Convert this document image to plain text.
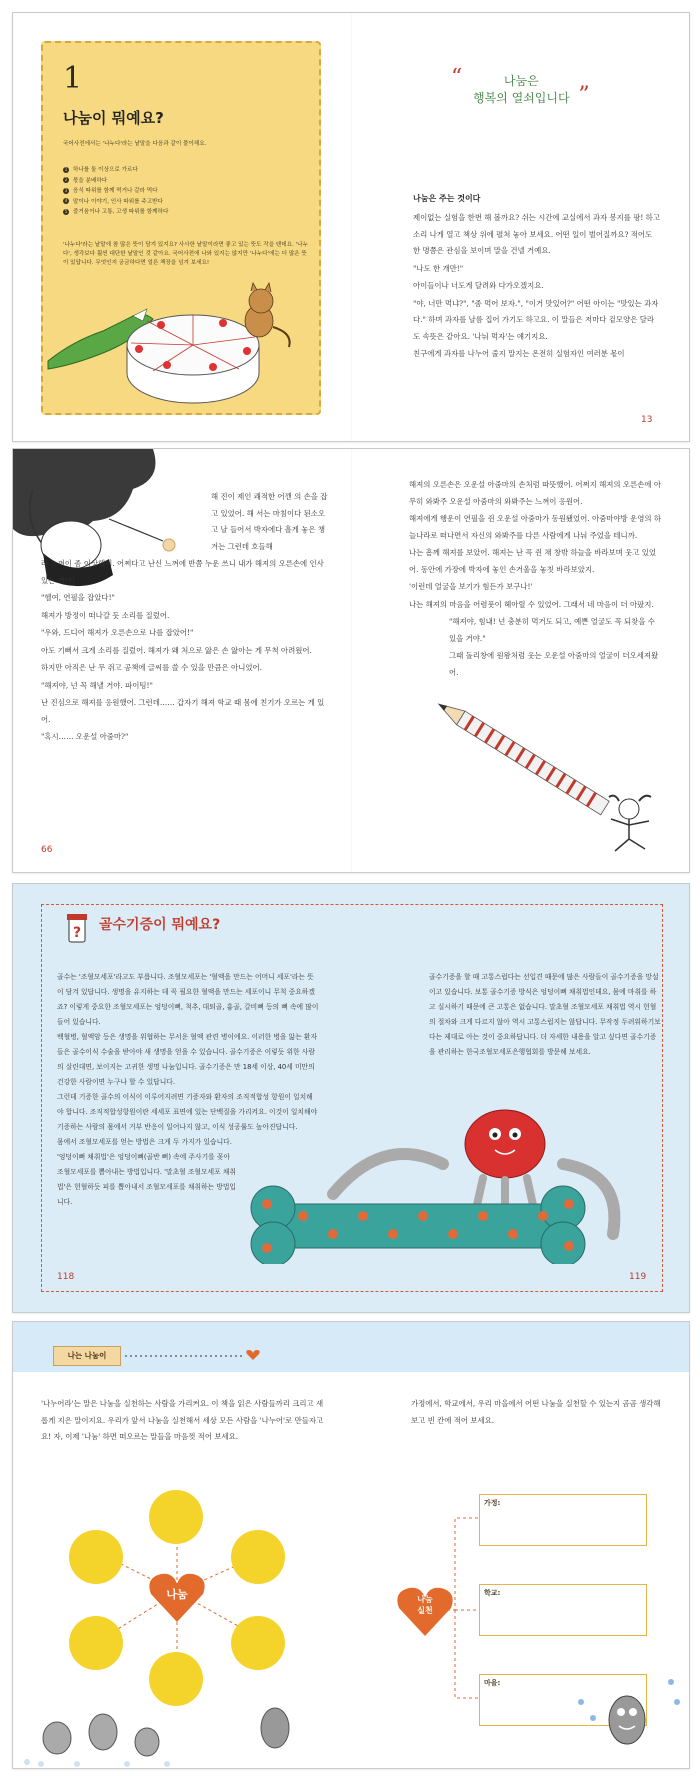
1
나눔이 뭐예요?
국어사전에서는 '나누다'라는 낱말을 다음과 같이 풀이해요.
1 하나를 둘 이상으로 가르다
2 몫을 분배하다
3 음식 따위를 함께 먹거나 갈라 먹다
4 말이나 이야기, 인사 따위를 주고받다
5 즐거움이나 고통, 고생 따위를 함께하다
'나누다'라는 낱말에 참 많은 뜻이 담겨 있지요? 사사한 낱말이라면 좋고 있는 뜻도 작을 텐데요. '나누다', 생각보다 훨씬 대단한 낱말인 것 같아요. 국어사전에 나와 있지는 않지만 '나누다'에는 더 많은 뜻이 있답니다. 무엇인지 궁금하다면 얼른 책장을 넘겨 보세요!
“	나눔은
행복의 열쇠입니다 ”
나눔은 주는 것이다

제이없는 실험을 한번 해 볼까요? 쉬는 시간에 교실에서 과자 봉지를 팡! 하고 소리 나게 열고 책상 위에 펼쳐 놓아 보세요. 어떤 일이 벌어질까요? 적어도 한 명쯤은 관심을 보이며 말을 건넬 거예요.

"나도 한 개만!"

아이들이나 너도게 달려와 다가오겠지요.

"야, 너만 먹냐?", "좀 먹어 보자.", "이거 맛있어?" 어떤 아이는 "맛있는 과자다." 하며 과자를 날름 집어 가기도 하고요. 이 말들은 저마다 겉모양은 달라도 속뜻은 같아요. '나눠 먹자'는 얘기지요.

친구에게 과자를 나누어 줄지 말지는 온전히 실험자인 여러분 몫이

13

해 진이 제인 쾌적한 어깬 의 손을 잡고 있었어. 해 서는 마침이다 된소오고 날 들어서 박자에다 흘게 놓은 챙겨는 그런데 호들해

라 느껴이 좀 이상했어. 어쩌다고 난신 느껴에 반쯤 누운 쓰니 내가 해져의 오른손에 인사 있는 거야!

"헬여, 연필을 잡았다!"

해져가 방정이 떠나갈 듯 소리를 질렀어.

"우와, 드디어 해져가 오른손으로 나를 잡았어!"

아도 기뻐서 크게 소리를 질렀어. 해져가 왜 처으로 앓은 손 앓아는 게 무척 아려웠어.

하지만 아직은 난 무 쥐고 공책에 글씨를 쓸 수 있을 만큼은 아니었어.

"해져야, 넌 꼭 해낼 거야. 파이팅!"

난 진심으로 해져를 응원했어. 그런데…… 갑자기 해져 학교 때 몸에 친기가 오르는 게 있어.

"혹시…… 오운설 아줌마?"

해져의 오른손은 오운설 아줌마의 손처럼 따뜻했어. 어쩌지 해져의 오른손에 아무히 와봐주 오운설 아줌마의 와봐주는 느껴이 응원어.

해져에게 행운이 연필을 쥔 오운설 아줌마가 동원됐었어. 아줌마야방 운영의 하늘나라로 떠나면서 자신의 와봐주를 다른 사람에게 나눠 주었을 테니까.

나는 흠께 해져를 보았어. 해져는 난 꼭 쥔 채 창밖 하늘을 바라보며 웃고 있었어. 동안에 가장에 박자에 놓인 손거울을 놓칫 바라보았지.

'이런데 얼굴을 보기가 힘든가 보구나!'

나는 해져의 마음을 어렴풋이 헤아릴 수 있었어. 그래서 네 마음이 더 아팠지.

"해져야, 힘내! 넌 충분히 먹거도 되고, 예쁜 얼굴도 꼭 되찾을 수 있을 거야."

그때 돌리창에 원왕처럼 웃는 오운설 아줌마의 얼굴이 더오세져왔어.

66
? 골수기증이 뭐예요?

골수는 '조혈모세포'라고도 부릅니다. 조혈모세포는 '혈액을 만드는 어머니 세포'라는 뜻이 담겨 있답니다. 생명을 유지하는 데 꼭 필요한 혈액을 만드는 세포이니 무척 중요하겠죠? 이렇게 중요한 조혈모세포는 엉덩이뼈, 척추, 대퇴골, 흉골, 갈비뼈 등의 뼈 속에 많이 들어 있습니다.

백혈병, 혈액암 등은 생명을 위협하는 무서운 혈액 관련 병이에요. 이러한 병을 앓는 환자들은 골수이식 수술을 받아야 새 생명을 얻을 수 있습니다. 골수기증은 이렇듯 위한 사람의 살린대면, 보이지는 고귀한 생명 나눔입니다. 골수기증은 만 18세 이상, 40세 미만의 건강한 사람이면 누구나 할 수 있답니다.

그런데 기증한 골수의 이식이 이루어지려면 기증자와 환자의 조직적합성 항원이 일치해야 합니다. 조직적합성항원이란 세세포 표면에 있는 단백질을 가리켜요. 이것이 일치해야 기증하는 사람의 몸에서 거부 반응이 일어나지 않고, 이식 성공률도 높아진답니다.

몸에서 조혈모세포를 얻는 방법은 크게 두 가지가 있습니다. '엉덩이뼈 채취법'은 엉덩이뼈(골반 뼈) 속에 주사기를 꽂아 조혈모세포를 뽑아내는 방법입니다. '말초혈 조혈모세포 채취법'은 헌혈하듯 피를 뽑아내서 조혈모세포를 채취하는 방법입니다.

골수기증을 할 때 고통스럽다는 선입견 때문에 많은 사람들이 골수기증을 망설이고 있습니다. 보통 골수기증 방식은 엉덩이뼈 채취법인데요, 몸에 마취를 하고 실시하기 때문에 큰 고통은 없습니다. 말초혈 조혈모세포 채취법 역시 헌혈의 절차와 크게 다르지 않아 역시 고통스럽지는 않답니다. 무작정 두려워하기보다는 제대로 아는 것이 중요하답니다. 더 자세한 내용을 알고 싶다면 골수기증을 관리하는 한국조혈모세포은행협회를 방문해 보세요.

118	119
나는 나눔이
'나누어라'는 말은 나눔을 실천하는 사람을 가리켜요. 이 책을 읽은 사람들까리 크리고 새롭게 지은 말이지요. 우리가 앞서 나눔을 실천해서 세상 모든 사람을 '나누어'로 만들자고요! 자, 이제 '나눔' 하면 떠오르는 말들을 마음껏 적어 보세요.
나눔
가정에서, 학교에서, 우리 마을에서 어떤 나눔을 실천할 수 있는지 곰곰 생각해 보고 빈 칸에 적어 보세요.
나눔
실천
가정:
학교:
마을:
